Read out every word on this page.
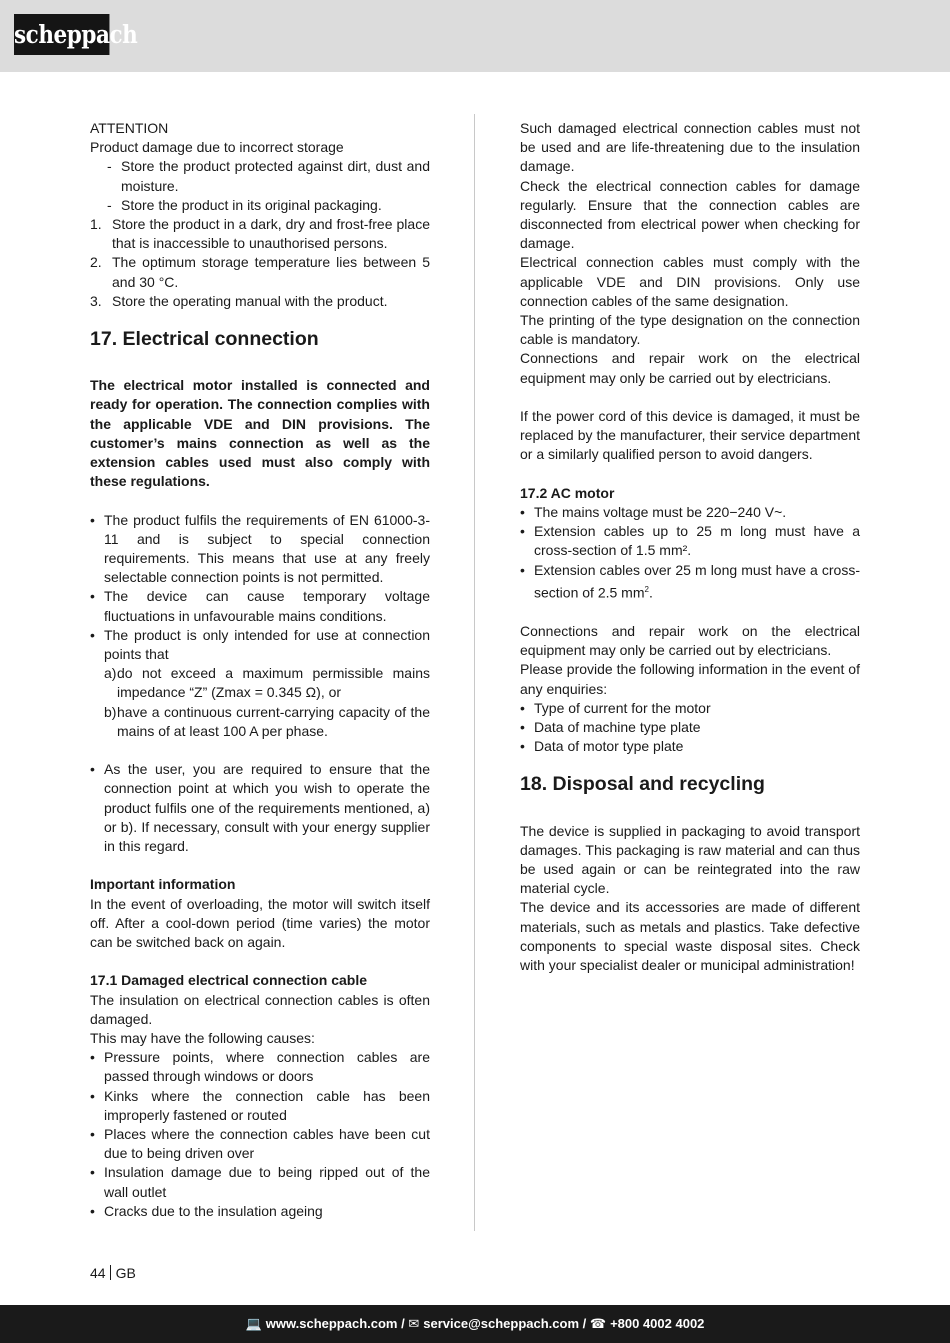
scheppach

ATTENTION

Product damage due to incorrect storage

- Store the product protected against dirt, dust and moisture.
- Store the product in its original packaging.
1. Store the product in a dark, dry and frost-free place that is inaccessible to unauthorised persons.
2. The optimum storage temperature lies between 5 and 30 °C.
3. Store the operating manual with the product.
17. Electrical connection

The electrical motor installed is connected and ready for operation. The connection complies with the applicable VDE and DIN provisions. The customer’s mains connection as well as the extension cables used must also comply with these regulations.

• The product fulfils the requirements of EN 61000-3-11 and is subject to special connection requirements. This means that use at any freely selectable connection points is not permitted.
• The device can cause temporary voltage fluctuations in unfavourable mains conditions.
• The product is only intended for use at connection points that
a) do not exceed a maximum permissible mains impedance “Z” (Zmax = 0.345 Ω), or
b) have a continuous current-carrying capacity of the mains of at least 100 A per phase.
• As the user, you are required to ensure that the connection point at which you wish to operate the product fulfils one of the requirements mentioned, a) or b). If necessary, consult with your energy supplier in this regard.
Important information

In the event of overloading, the motor will switch itself off. After a cool-down period (time varies) the motor can be switched back on again.

17.1 Damaged electrical connection cable

The insulation on electrical connection cables is often damaged.

This may have the following causes:

• Pressure points, where connection cables are passed through windows or doors
• Kinks where the connection cable has been improperly fastened or routed
• Places where the connection cables have been cut due to being driven over
• Insulation damage due to being ripped out of the wall outlet
• Cracks due to the insulation ageing

Such damaged electrical connection cables must not be used and are life-threatening due to the insulation damage.

Check the electrical connection cables for damage regularly. Ensure that the connection cables are disconnected from electrical power when checking for damage.

Electrical connection cables must comply with the applicable VDE and DIN provisions. Only use connection cables of the same designation.

The printing of the type designation on the connection cable is mandatory.

Connections and repair work on the electrical equipment may only be carried out by electricians.

If the power cord of this device is damaged, it must be replaced by the manufacturer, their service department or a similarly qualified person to avoid dangers.

17.2 AC motor
• The mains voltage must be 220−240 V~.
• Extension cables up to 25 m long must have a cross-section of 1.5 mm².
• Extension cables over 25 m long must have a cross-section of 2.5 $mm^2$.

Connections and repair work on the electrical equipment may only be carried out by electricians.

Please provide the following information in the event of any enquiries:

• Type of current for the motor
• Data of machine type plate
• Data of motor type plate
18. Disposal and recycling

The device is supplied in packaging to avoid transport damages. This packaging is raw material and can thus be used again or can be reintegrated into the raw material cycle.

The device and its accessories are made of different materials, such as metals and plastics. Take defective components to special waste disposal sites. Check with your specialist dealer or municipal administration!

44 GB
💻 www.scheppach.com / ✉ service@scheppach.com / ☎ +800 4002 4002
